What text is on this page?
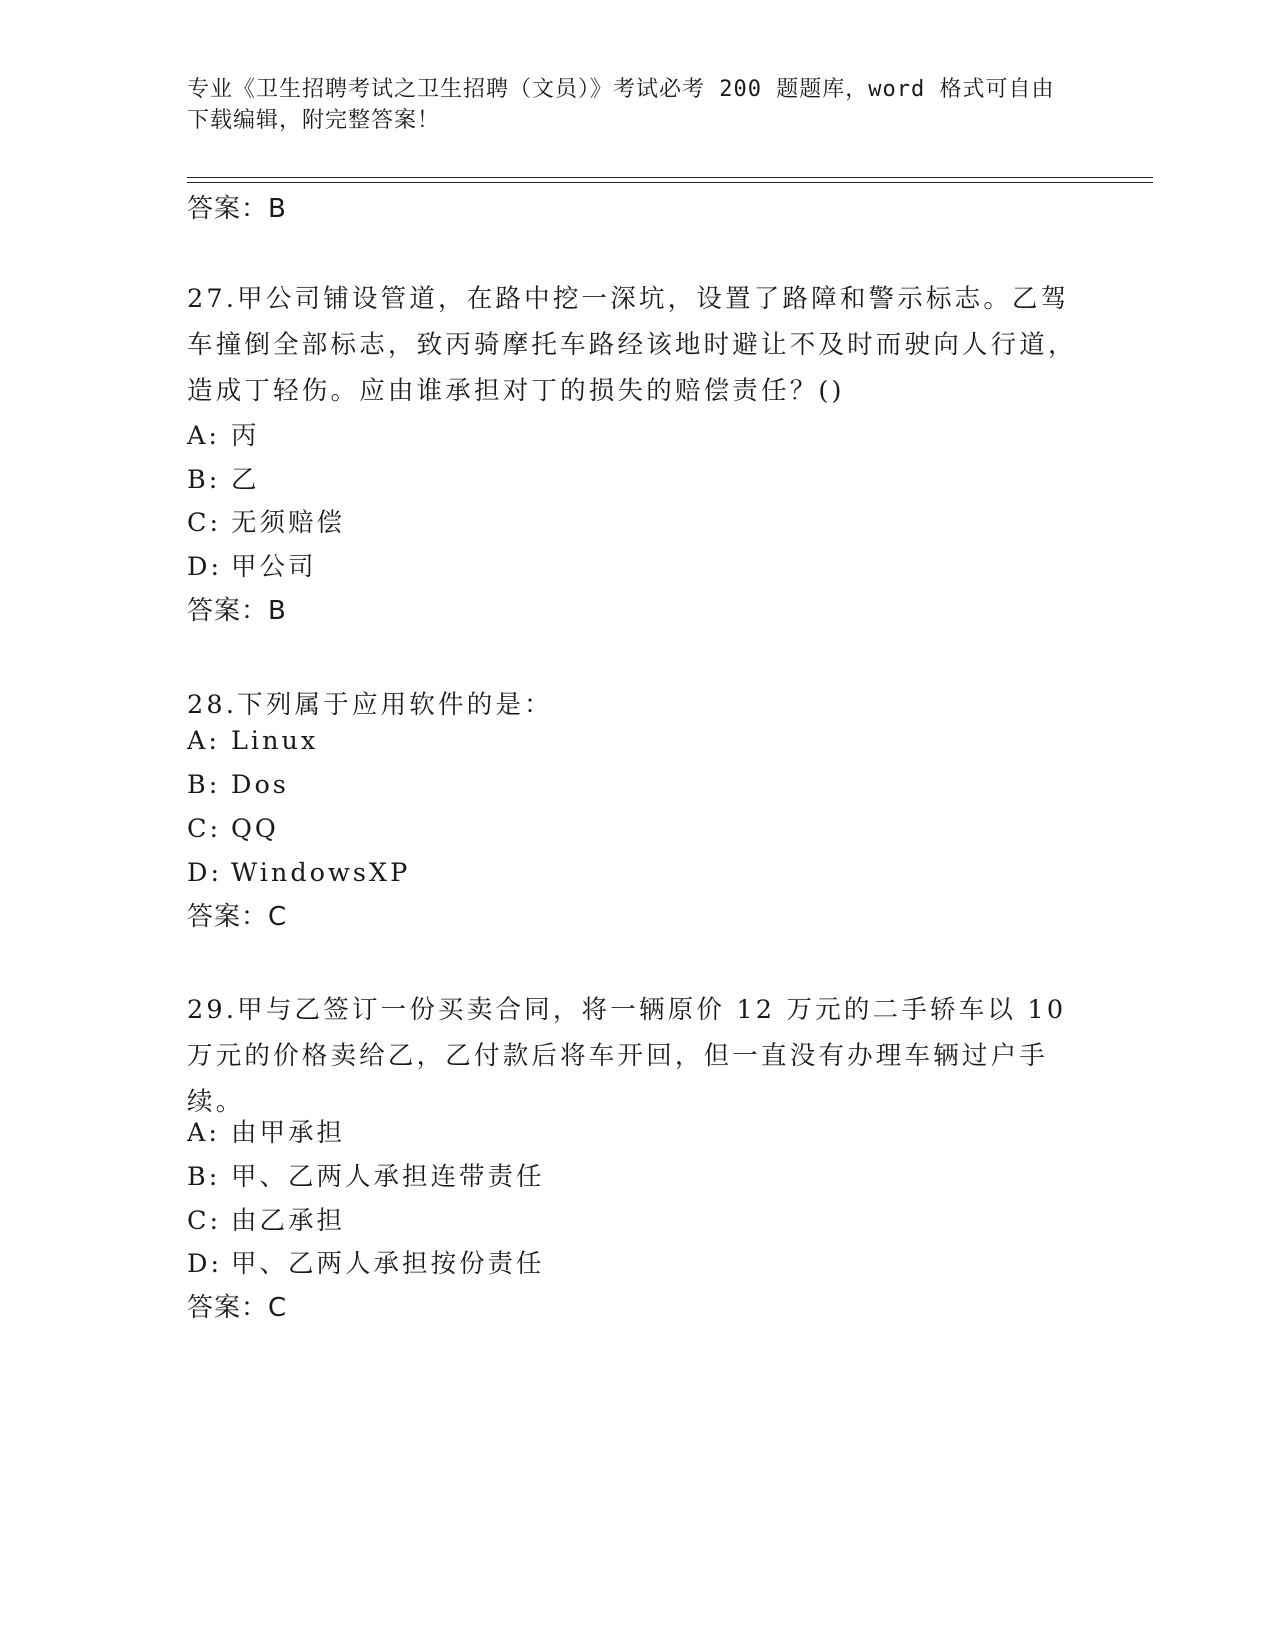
专业《卫生招聘考试之卫生招聘（文员）》考试必考 200 题题库，word 格式可自由下载编辑，附完整答案！
答案：B
27.甲公司铺设管道，在路中挖一深坑，设置了路障和警示标志。乙驾车撞倒全部标志，致丙骑摩托车路经该地时避让不及时而驶向人行道，造成丁轻伤。应由谁承担对丁的损失的赔偿责任？()
A: 丙
B: 乙
C: 无须赔偿
D: 甲公司
答案：B
28.下列属于应用软件的是：
A: Linux
B: Dos
C: QQ
D: WindowsXP
答案：C
29.甲与乙签订一份买卖合同，将一辆原价 12 万元的二手轿车以 10 万元的价格卖给乙，乙付款后将车开回，但一直没有办理车辆过户手续。
A: 由甲承担
B: 甲、乙两人承担连带责任
C: 由乙承担
D: 甲、乙两人承担按份责任
答案：C
